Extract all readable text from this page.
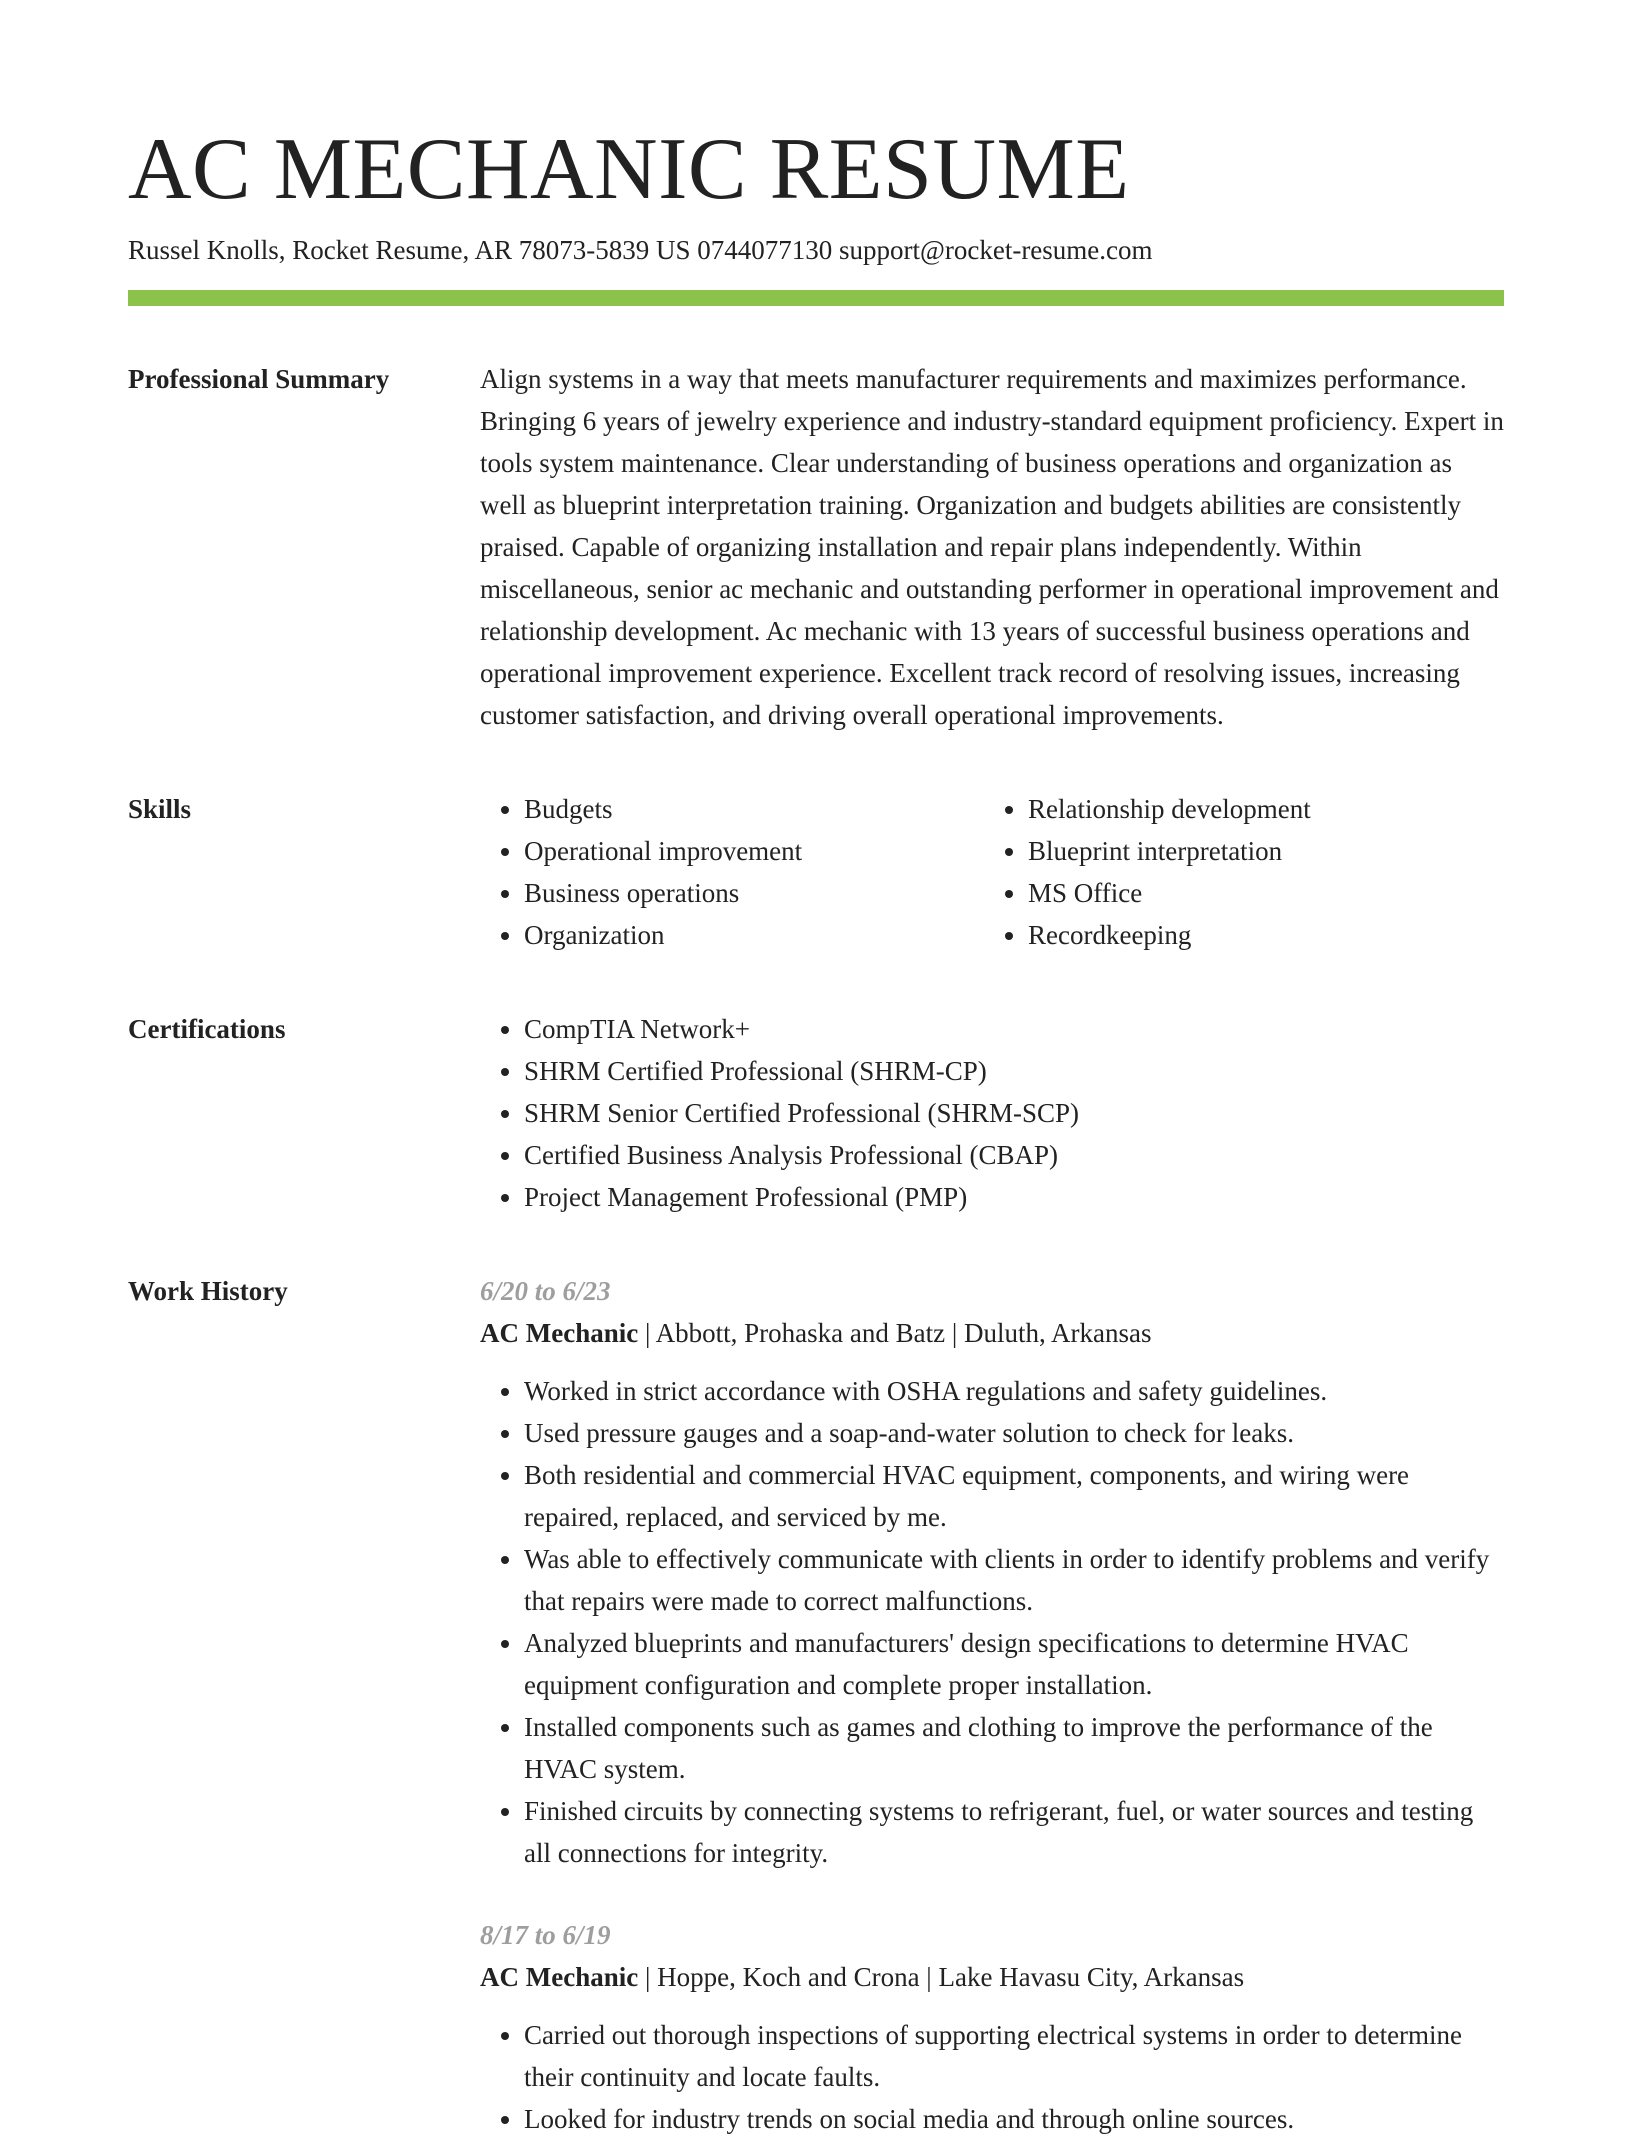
AC MECHANIC RESUME
Russel Knolls, Rocket Resume, AR 78073-5839 US 0744077130 support@rocket-resume.com
Professional Summary	Align systems in a way that meets manufacturer requirements and maximizes performance. Bringing 6 years of jewelry experience and industry-standard equipment proficiency. Expert in tools system maintenance. Clear understanding of business operations and organization as well as blueprint interpretation training. Organization and budgets abilities are consistently praised. Capable of organizing installation and repair plans independently. Within miscellaneous, senior ac mechanic and outstanding performer in operational improvement and relationship development. Ac mechanic with 13 years of successful business operations and operational improvement experience. Excellent track record of resolving issues, increasing customer satisfaction, and driving overall operational improvements.

Skills	• Budgets
• Operational improvement
• Business operations
• Organization
• Relationship development
• Blueprint interpretation
• MS Office
• Recordkeeping
Certifications	• CompTIA Network+
• SHRM Certified Professional (SHRM-CP)
• SHRM Senior Certified Professional (SHRM-SCP)
• Certified Business Analysis Professional (CBAP)
• Project Management Professional (PMP)
Work History	6/20 to 6/23
AC Mechanic | Abbott, Prohaska and Batz | Duluth, Arkansas
• Worked in strict accordance with OSHA regulations and safety guidelines.
• Used pressure gauges and a soap-and-water solution to check for leaks.
• Both residential and commercial HVAC equipment, components, and wiring were repaired, replaced, and serviced by me.
• Was able to effectively communicate with clients in order to identify problems and verify that repairs were made to correct malfunctions.
• Analyzed blueprints and manufacturers' design specifications to determine HVAC equipment configuration and complete proper installation.
• Installed components such as games and clothing to improve the performance of the HVAC system.
• Finished circuits by connecting systems to refrigerant, fuel, or water sources and testing all connections for integrity.
8/17 to 6/19
AC Mechanic | Hoppe, Koch and Crona | Lake Havasu City, Arkansas
• Carried out thorough inspections of supporting electrical systems in order to determine their continuity and locate faults.
• Looked for industry trends on social media and through online sources.
